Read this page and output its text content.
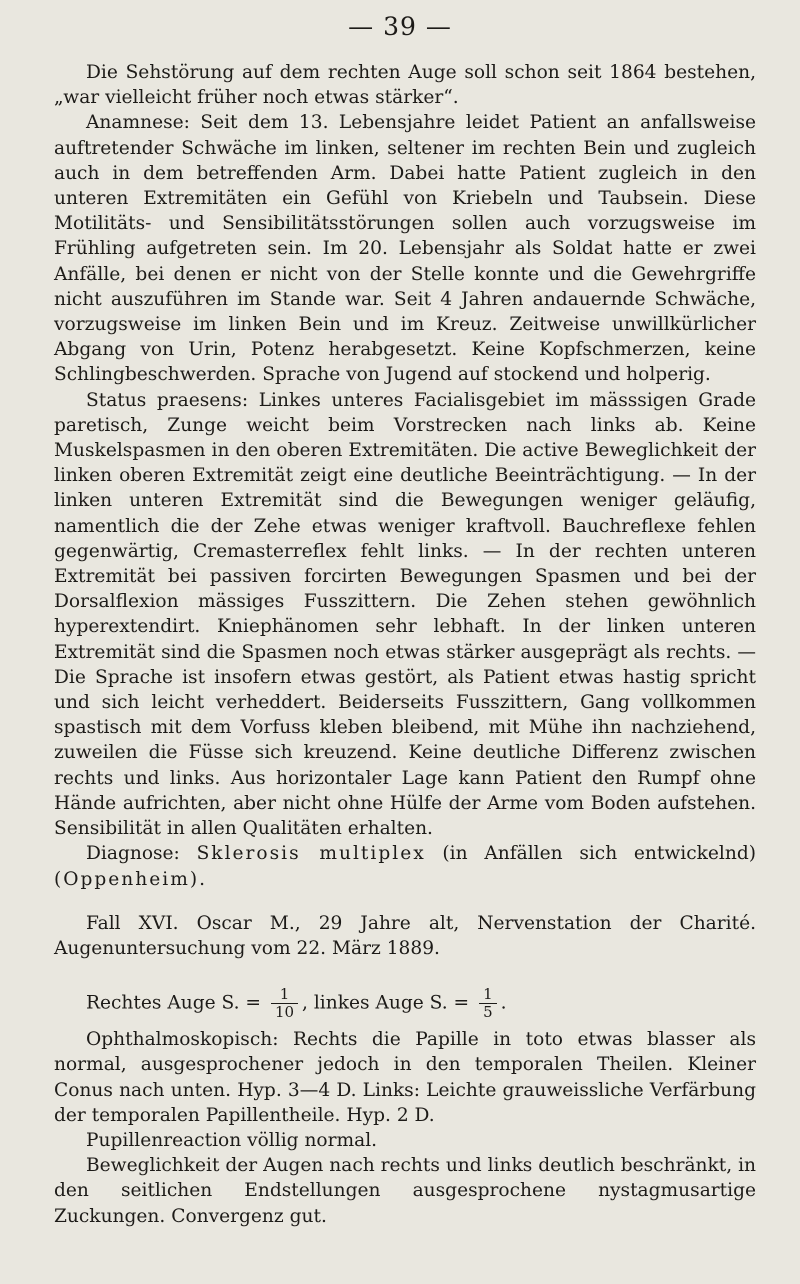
— 39 —

Die Sehstörung auf dem rechten Auge soll schon seit 1864 bestehen, „war vielleicht früher noch etwas stärker“.

Anamnese: Seit dem 13. Lebensjahre leidet Patient an anfallsweise auftretender Schwäche im linken, seltener im rechten Bein und zugleich auch in dem betreffenden Arm. Dabei hatte Patient zugleich in den unteren Extremitäten ein Gefühl von Kriebeln und Taubsein. Diese Motilitäts- und Sensibilitätsstörungen sollen auch vorzugsweise im Frühling aufgetreten sein. Im 20. Lebensjahr als Soldat hatte er zwei Anfälle, bei denen er nicht von der Stelle konnte und die Gewehrgriffe nicht auszuführen im Stande war. Seit 4 Jahren andauernde Schwäche, vorzugsweise im linken Bein und im Kreuz. Zeitweise unwillkürlicher Abgang von Urin, Potenz herabgesetzt. Keine Kopfschmerzen, keine Schlingbeschwerden. Sprache von Jugend auf stockend und holperig.

Status praesens: Linkes unteres Facialisgebiet im mässsigen Grade paretisch, Zunge weicht beim Vorstrecken nach links ab. Keine Muskelspasmen in den oberen Extremitäten. Die active Beweglichkeit der linken oberen Extremität zeigt eine deutliche Beeinträchtigung. — In der linken unteren Extremität sind die Bewegungen weniger geläufig, namentlich die der Zehe etwas weniger kraftvoll. Bauchreflexe fehlen gegenwärtig, Cremasterreflex fehlt links. — In der rechten unteren Extremität bei passiven forcirten Bewegungen Spasmen und bei der Dorsalflexion mässiges Fusszittern. Die Zehen stehen gewöhnlich hyperextendirt. Kniephänomen sehr lebhaft. In der linken unteren Extremität sind die Spasmen noch etwas stärker ausgeprägt als rechts. — Die Sprache ist insofern etwas gestört, als Patient etwas hastig spricht und sich leicht verheddert. Beiderseits Fusszittern, Gang vollkommen spastisch mit dem Vorfuss kleben bleibend, mit Mühe ihn nachziehend, zuweilen die Füsse sich kreuzend. Keine deutliche Differenz zwischen rechts und links. Aus horizontaler Lage kann Patient den Rumpf ohne Hände aufrichten, aber nicht ohne Hülfe der Arme vom Boden aufstehen. Sensibilität in allen Qualitäten erhalten.

Diagnose: Sklerosis multiplex (in Anfällen sich entwickelnd) (Oppenheim).

Fall XVI. Oscar M., 29 Jahre alt, Nervenstation der Charité. Augenuntersuchung vom 22. März 1889.

Rechtes Auge S. = $\frac{1}{10}$ , linkes Auge S. = $\frac{1}{5}$ .

Ophthalmoskopisch: Rechts die Papille in toto etwas blasser als normal, ausgesprochener jedoch in den temporalen Theilen. Kleiner Conus nach unten. Hyp. 3—4 D. Links: Leichte grauweissliche Verfärbung der temporalen Papillentheile. Hyp. 2 D.

Pupillenreaction völlig normal.

Beweglichkeit der Augen nach rechts und links deutlich beschränkt, in den seitlichen Endstellungen ausgesprochene nystagmusartige Zuckungen. Convergenz gut.
